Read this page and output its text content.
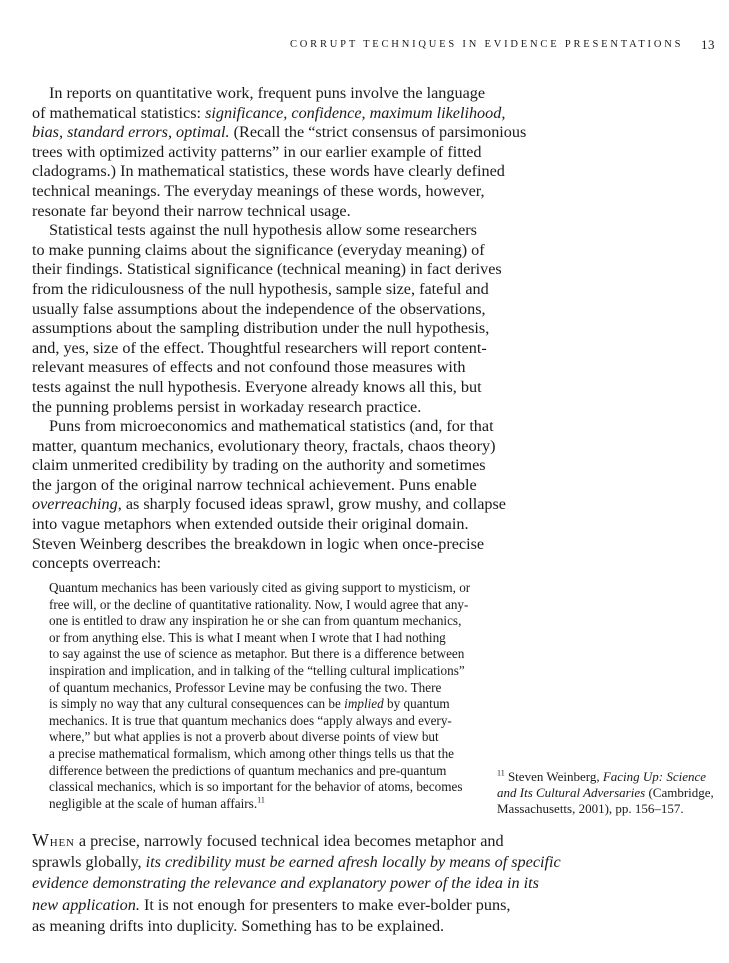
CORRUPT TECHNIQUES IN EVIDENCE PRESENTATIONS 13
In reports on quantitative work, frequent puns involve the language
of mathematical statistics: significance, confidence, maximum likelihood,
bias, standard errors, optimal. (Recall the “strict consensus of parsimonious
trees with optimized activity patterns” in our earlier example of fitted
cladograms.) In mathematical statistics, these words have clearly defined
technical meanings. The everyday meanings of these words, however,
resonate far beyond their narrow technical usage.
Statistical tests against the null hypothesis allow some researchers
to make punning claims about the significance (everyday meaning) of
their findings. Statistical significance (technical meaning) in fact derives
from the ridiculousness of the null hypothesis, sample size, fateful and
usually false assumptions about the independence of the observations,
assumptions about the sampling distribution under the null hypothesis,
and, yes, size of the effect. Thoughtful researchers will report content-
relevant measures of effects and not confound those measures with
tests against the null hypothesis. Everyone already knows all this, but
the punning problems persist in workaday research practice.
Puns from microeconomics and mathematical statistics (and, for that
matter, quantum mechanics, evolutionary theory, fractals, chaos theory)
claim unmerited credibility by trading on the authority and sometimes
the jargon of the original narrow technical achievement. Puns enable
overreaching, as sharply focused ideas sprawl, grow mushy, and collapse
into vague metaphors when extended outside their original domain.
Steven Weinberg describes the breakdown in logic when once-precise
concepts overreach:
Quantum mechanics has been variously cited as giving support to mysticism, or
free will, or the decline of quantitative rationality. Now, I would agree that any-
one is entitled to draw any inspiration he or she can from quantum mechanics,
or from anything else. This is what I meant when I wrote that I had nothing
to say against the use of science as metaphor. But there is a difference between
inspiration and implication, and in talking of the “telling cultural implications”
of quantum mechanics, Professor Levine may be confusing the two. There
is simply no way that any cultural consequences can be implied by quantum
mechanics. It is true that quantum mechanics does “apply always and every-
where,” but what applies is not a proverb about diverse points of view but
a precise mathematical formalism, which among other things tells us that the
difference between the predictions of quantum mechanics and pre-quantum
classical mechanics, which is so important for the behavior of atoms, becomes
negligible at the scale of human affairs.$^{11}$
When a precise, narrowly focused technical idea becomes metaphor and
sprawls globally, its credibility must be earned afresh locally by means of specific
evidence demonstrating the relevance and explanatory power of the idea in its
new application. It is not enough for presenters to make ever-bolder puns,
as meaning drifts into duplicity. Something has to be explained.
$^{11}$ Steven Weinberg, Facing Up: Science
and Its Cultural Adversaries (Cambridge,
Massachusetts, 2001), pp. 156–157.
